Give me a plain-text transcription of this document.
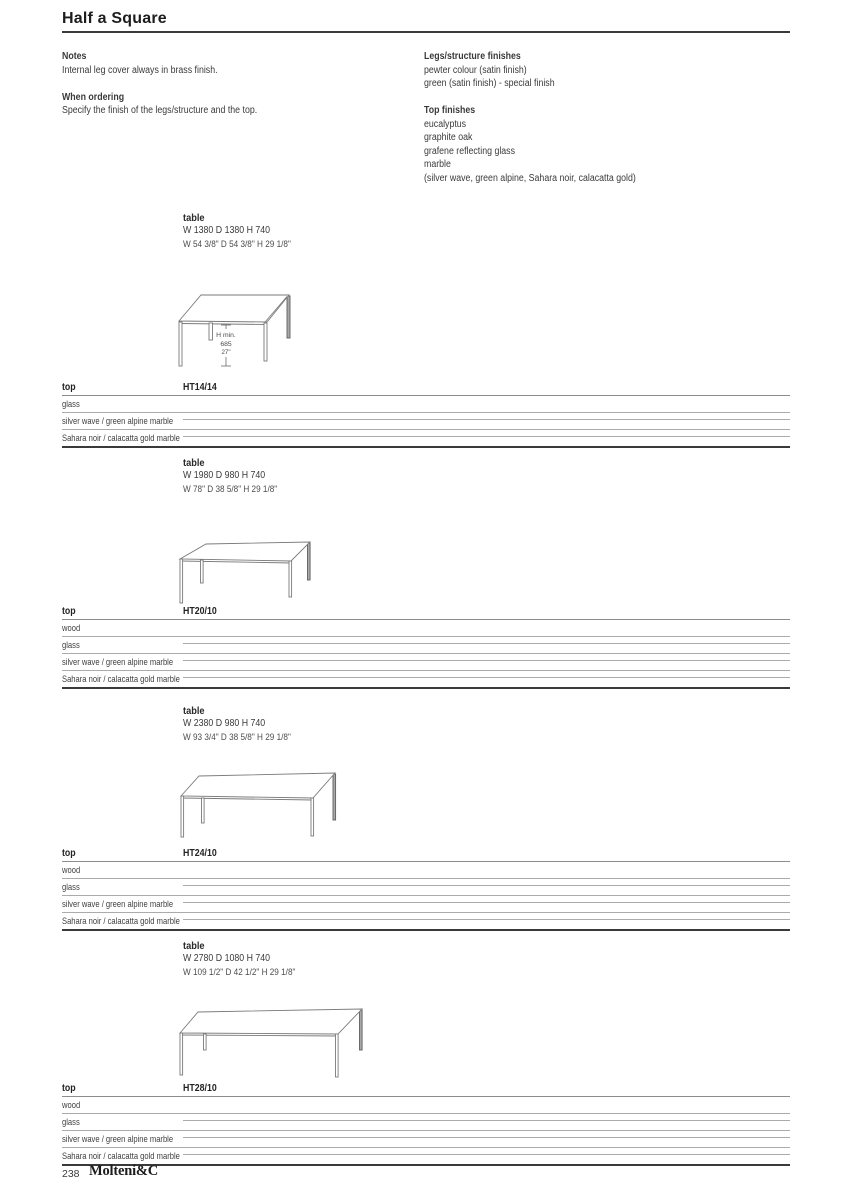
Half a Square
Notes
Internal leg cover always in brass finish.
When ordering
Specify the finish of the legs/structure and the top.
Legs/structure finishes
pewter colour (satin finish)
green (satin finish) - special finish
Top finishes
eucalyptus
graphite oak
grafene reflecting glass
marble
(silver wave, green alpine, Sahara noir, calacatta gold)
table
W 1380 D 1380 H 740
W 54 3/8" D 54 3/8" H 29 1/8"
H min.
685
27"
top	HT14/14
glass
silver wave / green alpine marble
Sahara noir / calacatta gold marble
table
W 1980 D 980 H 740
W 78" D 38 5/8" H 29 1/8"
top	HT20/10
wood
glass
silver wave / green alpine marble
Sahara noir / calacatta gold marble
table
W 2380 D 980 H 740
W 93 3/4" D 38 5/8" H 29 1/8"
top	HT24/10
wood
glass
silver wave / green alpine marble
Sahara noir / calacatta gold marble
table
W 2780 D 1080 H 740
W 109 1/2" D 42 1/2" H 29 1/8"
top	HT28/10
wood
glass
silver wave / green alpine marble
Sahara noir / calacatta gold marble
238 Molteni&C
